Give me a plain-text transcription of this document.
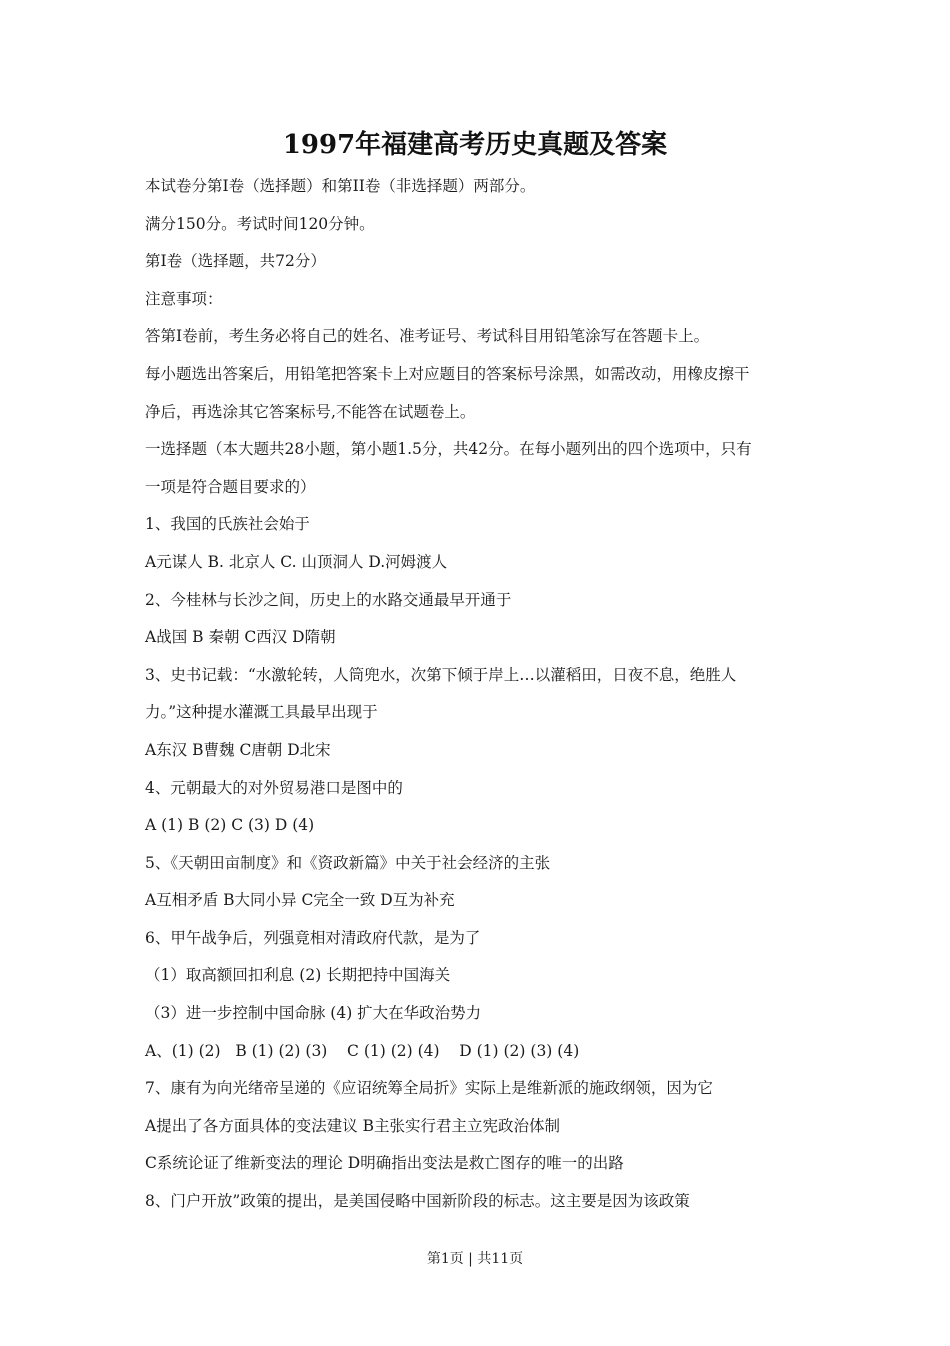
1997年福建高考历史真题及答案
本试卷分第I卷（选择题）和第II卷（非选择题）两部分。
满分150分。考试时间120分钟。
第I卷（选择题，共72分）
注意事项：
答第I卷前，考生务必将自己的姓名、准考证号、考试科目用铅笔涂写在答题卡上。
每小题选出答案后，用铅笔把答案卡上对应题目的答案标号涂黑，如需改动，用橡皮擦干
净后，再选涂其它答案标号,不能答在试题卷上。
一选择题（本大题共28小题，第小题1.5分，共42分。在每小题列出的四个选项中，只有
一项是符合题目要求的）
1、我国的氏族社会始于
A元谋人 B. 北京人 C. 山顶洞人 D.河姆渡人
2、今桂林与长沙之间，历史上的水路交通最早开通于
A战国 B 秦朝 C西汉 D隋朝
3、史书记载：“水激轮转，人筒兜水，次第下倾于岸上…以灌稻田，日夜不息，绝胜人
力。”这种提水灌溉工具最早出现于
A东汉 B曹魏 C唐朝 D北宋
4、元朝最大的对外贸易港口是图中的
A (1) B (2) C (3) D (4)
5、《天朝田亩制度》和《资政新篇》中关于社会经济的主张
A互相矛盾 B大同小异 C完全一致 D互为补充
6、甲午战争后，列强竟相对清政府代款，是为了
（1）取高额回扣利息 (2) 长期把持中国海关
（3）进一步控制中国命脉 (4) 扩大在华政治势力
A、(1) (2)   B (1) (2) (3)    C (1) (2) (4)    D (1) (2) (3) (4)
7、康有为向光绪帝呈递的《应诏统筹全局折》实际上是维新派的施政纲领，因为它
A提出了各方面具体的变法建议 B主张实行君主立宪政治体制
C系统论证了维新变法的理论 D明确指出变法是救亡图存的唯一的出路
8、门户开放”政策的提出，是美国侵略中国新阶段的标志。这主要是因为该政策
第1页 | 共11页
